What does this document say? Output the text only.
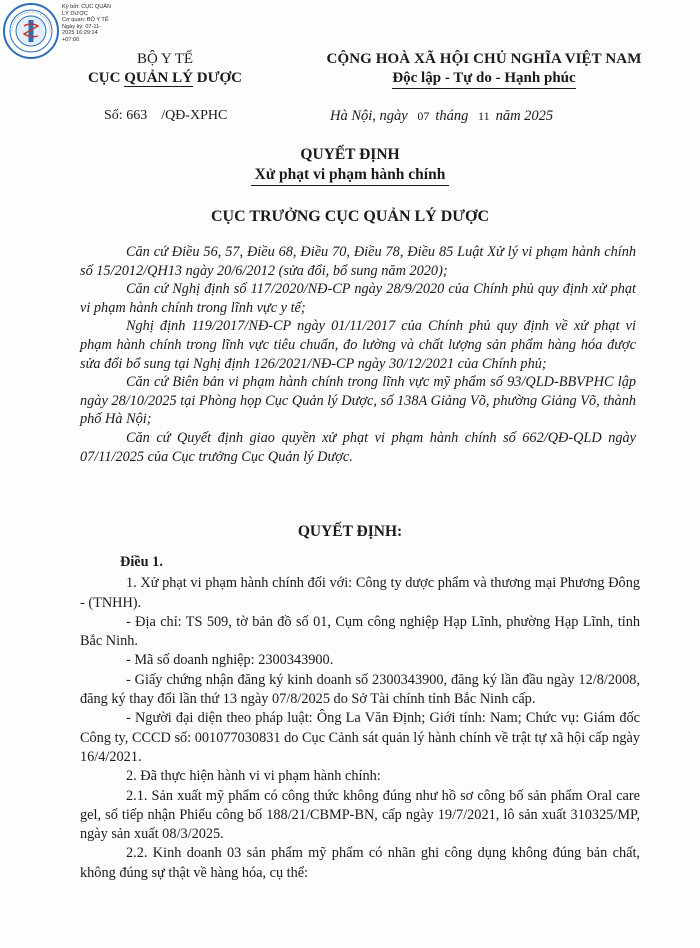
Ký bởi: CỤC QUẢN
LÝ DƯỢC
Cơ quan: BỘ Y TẾ
Ngày ký: 07-11-
2025 16:29:14
+07:00
BỘ Y TẾ
CỤC QUẢN LÝ DƯỢC
CỘNG HOÀ XÃ HỘI CHỦ NGHĨA VIỆT NAM
Độc lập - Tự do - Hạnh phúc
Số: 663 /QĐ-XPHC	Hà Nội, ngày 07 tháng 11 năm 2025
QUYẾT ĐỊNH
Xử phạt vi phạm hành chính
CỤC TRƯỞNG CỤC QUẢN LÝ DƯỢC

Căn cứ Điều 56, 57, Điều 68, Điều 70, Điều 78, Điều 85 Luật Xử lý vi phạm hành chính số 15/2012/QH13 ngày 20/6/2012 (sửa đổi, bổ sung năm 2020);

Căn cứ Nghị định số 117/2020/NĐ-CP ngày 28/9/2020 của Chính phủ quy định xử phạt vi phạm hành chính trong lĩnh vực y tế;

Nghị định 119/2017/NĐ-CP ngày 01/11/2017 của Chính phủ quy định về xử phạt vi phạm hành chính trong lĩnh vực tiêu chuẩn, đo lường và chất lượng sản phẩm hàng hóa được sửa đổi bổ sung tại Nghị định 126/2021/NĐ-CP ngày 30/12/2021 của Chính phủ;

Căn cứ Biên bản vi phạm hành chính trong lĩnh vực mỹ phẩm số 93/QLD-BBVPHC lập ngày 28/10/2025 tại Phòng họp Cục Quản lý Dược, số 138A Giảng Võ, phường Giảng Võ, thành phố Hà Nội;

Căn cứ Quyết định giao quyền xử phạt vi phạm hành chính số 662/QĐ-QLD ngày 07/11/2025 của Cục trưởng Cục Quản lý Dược.

QUYẾT ĐỊNH:

Điều 1.

1. Xử phạt vi phạm hành chính đối với: Công ty dược phẩm và thương mại Phương Đông - (TNHH).

- Địa chỉ: TS 509, tờ bản đồ số 01, Cụm công nghiệp Hạp Lĩnh, phường Hạp Lĩnh, tỉnh Bắc Ninh.

- Mã số doanh nghiệp: 2300343900.

- Giấy chứng nhận đăng ký kinh doanh số 2300343900, đăng ký lần đầu ngày 12/8/2008, đăng ký thay đổi lần thứ 13 ngày 07/8/2025 do Sở Tài chính tỉnh Bắc Ninh cấp.

- Người đại diện theo pháp luật: Ông La Văn Định; Giới tính: Nam; Chức vụ: Giám đốc Công ty, CCCD số: 001077030831 do Cục Cảnh sát quản lý hành chính về trật tự xã hội cấp ngày 16/4/2021.

2. Đã thực hiện hành vi vi phạm hành chính:

2.1. Sản xuất mỹ phẩm có công thức không đúng như hồ sơ công bố sản phẩm Oral care gel, số tiếp nhận Phiếu công bố 188/21/CBMP-BN, cấp ngày 19/7/2021, lô sản xuất 310325/MP, ngày sản xuất 08/3/2025.

2.2. Kinh doanh 03 sản phẩm mỹ phẩm có nhãn ghi công dụng không đúng bản chất, không đúng sự thật về hàng hóa, cụ thể:
